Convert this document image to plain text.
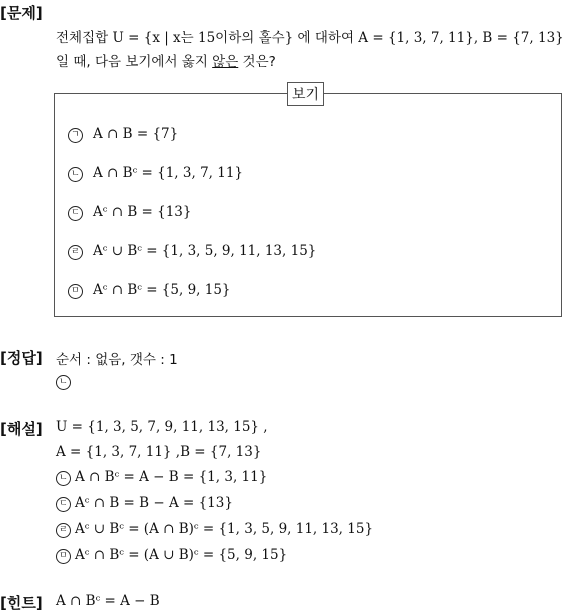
[문제]
전체집합 U = {x | x는 15이하의 홀수} 에 대하여 A = {1, 3, 7, 11}, B = {7, 13}
일 때, 다음 보기에서 옳지 않은 것은?
보기
ㄱ A ∩ B = {7}
ㄴ A ∩ Bᶜ = {1, 3, 7, 11}
ㄷ Aᶜ ∩ B = {13}
ㄹ Aᶜ ∪ Bᶜ = {1, 3, 5, 9, 11, 13, 15}
ㅁ Aᶜ ∩ Bᶜ = {5, 9, 15}
[정답] 순서 : 없음, 갯수 : 1
ㄴ
[해설] U = {1, 3, 5, 7, 9, 11, 13, 15} ,
A = {1, 3, 7, 11} ,B = {7, 13}
ㄴ A ∩ Bᶜ = A − B = {1, 3, 11}
ㄷ Aᶜ ∩ B = B − A = {13}
ㄹ Aᶜ ∪ Bᶜ = (A ∩ B)ᶜ = {1, 3, 5, 9, 11, 13, 15}
ㅁ Aᶜ ∩ Bᶜ = (A ∪ B)ᶜ = {5, 9, 15}
[힌트] A ∩ Bᶜ = A − B
